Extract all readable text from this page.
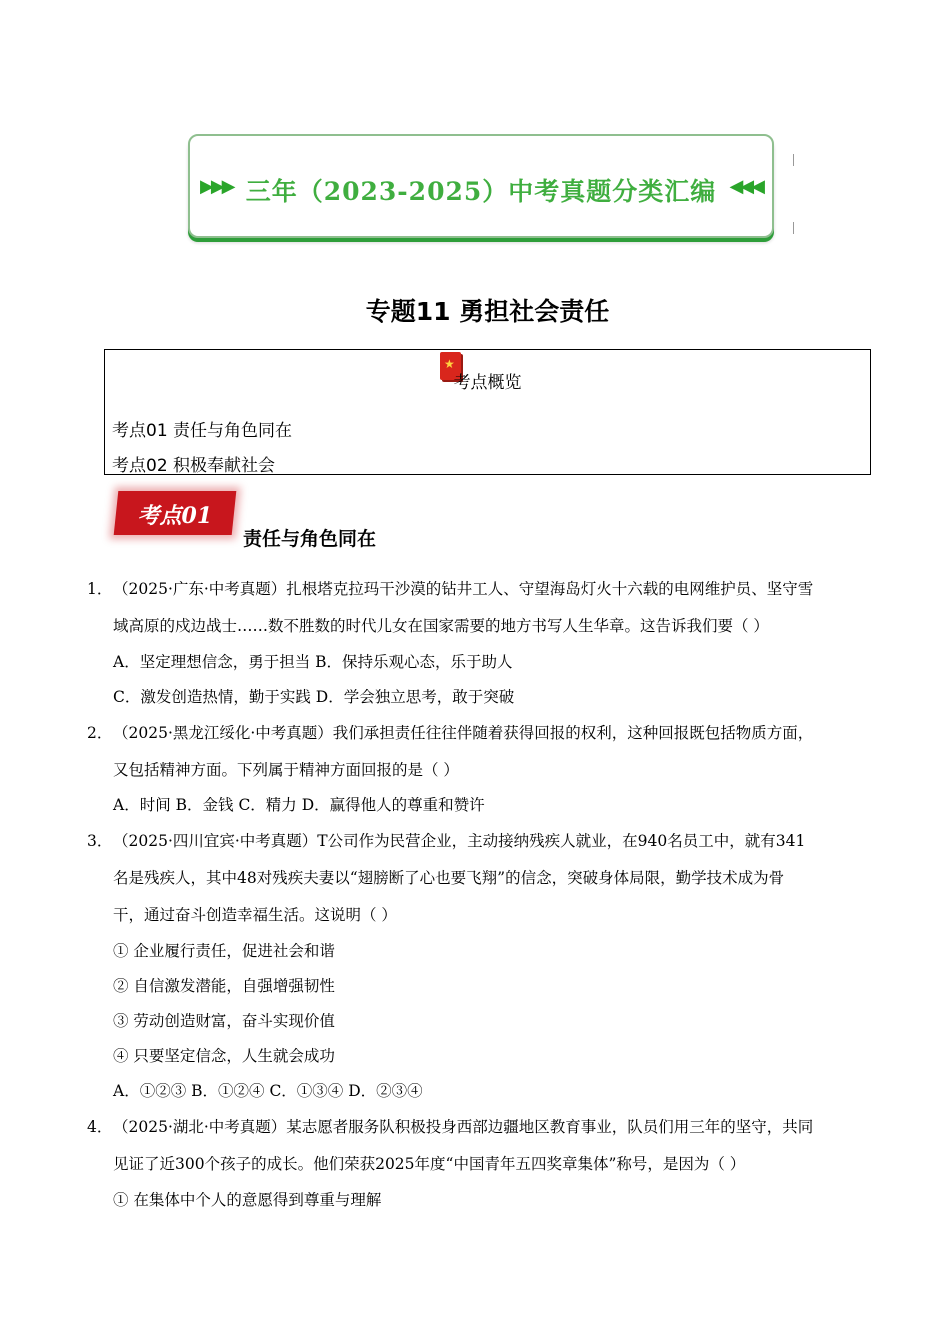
▶▶▶ 三年（2023-2025）中考真题分类汇编 ◀◀◀
专题11 勇担社会责任
★
考点概览
考点01 责任与角色同在
考点02 积极奉献社会
考点01
责任与角色同在
1． （2025·广东·中考真题）扎根塔克拉玛干沙漠的钻井工人、守望海岛灯火十六载的电网维护员、坚守雪
域高原的戍边战士……数不胜数的时代儿女在国家需要的地方书写人生华章。这告诉我们要（ ）
A．坚定理想信念，勇于担当 B．保持乐观心态，乐于助人
C．激发创造热情，勤于实践 D．学会独立思考，敢于突破
2． （2025·黑龙江绥化·中考真题）我们承担责任往往伴随着获得回报的权利，这种回报既包括物质方面，
又包括精神方面。下列属于精神方面回报的是（ ）
A．时间 B．金钱 C．精力 D．赢得他人的尊重和赞许
3． （2025·四川宜宾·中考真题）T公司作为民营企业，主动接纳残疾人就业，在940名员工中，就有341
名是残疾人，其中48对残疾夫妻以“翅膀断了心也要飞翔”的信念，突破身体局限，勤学技术成为骨
干，通过奋斗创造幸福生活。这说明（ ）
① 企业履行责任，促进社会和谐
② 自信激发潜能，自强增强韧性
③ 劳动创造财富，奋斗实现价值
④ 只要坚定信念，人生就会成功
A．①②③ B．①②④ C．①③④ D．②③④
4． （2025·湖北·中考真题）某志愿者服务队积极投身西部边疆地区教育事业，队员们用三年的坚守，共同
见证了近300个孩子的成长。他们荣获2025年度“中国青年五四奖章集体”称号，是因为（ ）
① 在集体中个人的意愿得到尊重与理解
